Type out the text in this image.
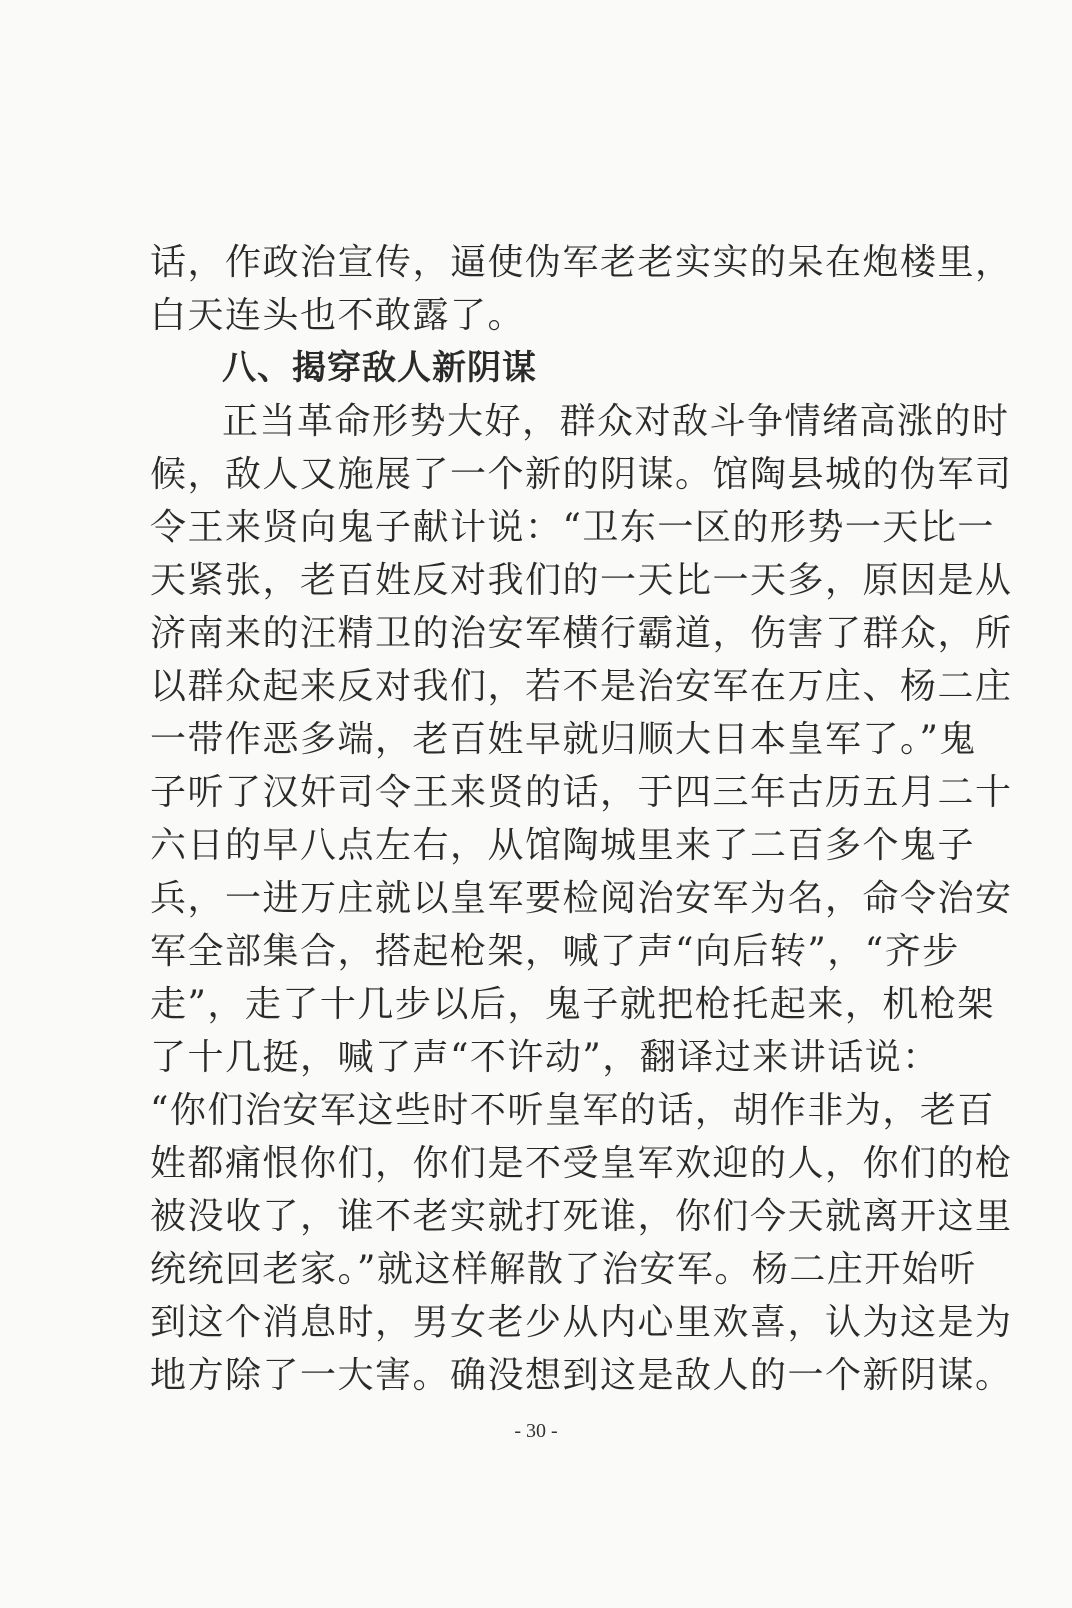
话，作政治宣传，逼使伪军老老实实的呆在炮楼里，
白天连头也不敢露了。
八、揭穿敌人新阴谋
正当革命形势大好，群众对敌斗争情绪高涨的时
候，敌人又施展了一个新的阴谋。馆陶县城的伪军司
令王来贤向鬼子献计说：“卫东一区的形势一天比一
天紧张，老百姓反对我们的一天比一天多，原因是从
济南来的汪精卫的治安军横行霸道，伤害了群众，所
以群众起来反对我们，若不是治安军在万庄、杨二庄
一带作恶多端，老百姓早就归顺大日本皇军了。”鬼
子听了汉奸司令王来贤的话，于四三年古历五月二十
六日的早八点左右，从馆陶城里来了二百多个鬼子
兵，一进万庄就以皇军要检阅治安军为名，命令治安
军全部集合，搭起枪架，喊了声“向后转”，“齐步
走”，走了十几步以后，鬼子就把枪托起来，机枪架
了十几挺，喊了声“不许动”，翻译过来讲话说：
“你们治安军这些时不听皇军的话，胡作非为，老百
姓都痛恨你们，你们是不受皇军欢迎的人，你们的枪
被没收了，谁不老实就打死谁，你们今天就离开这里
统统回老家。”就这样解散了治安军。杨二庄开始听
到这个消息时，男女老少从内心里欢喜，认为这是为
地方除了一大害。确没想到这是敌人的一个新阴谋。
- 30 -
